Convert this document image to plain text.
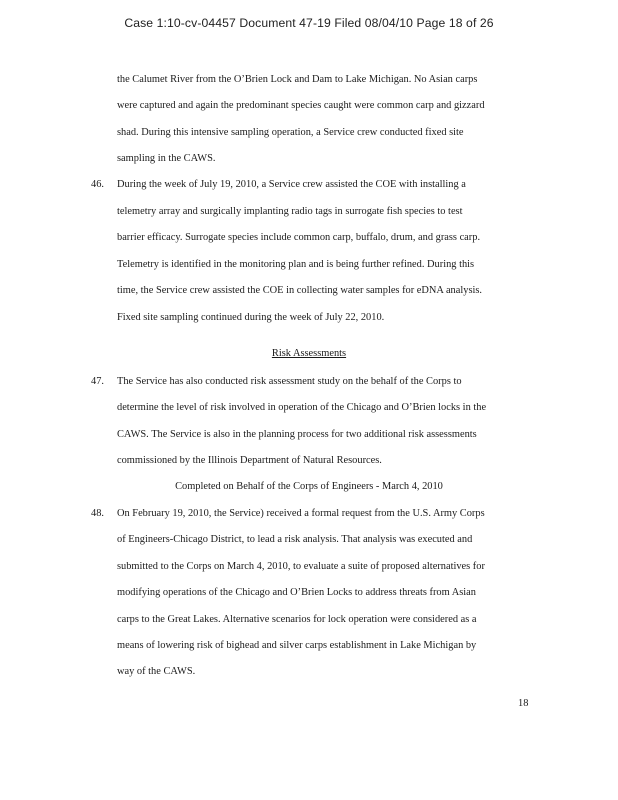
Case 1:10-cv-04457 Document 47-19 Filed 08/04/10 Page 18 of 26
the Calumet River from the O’Brien Lock and Dam to Lake Michigan. No Asian carps
were captured and again the predominant species caught were common carp and gizzard
shad. During this intensive sampling operation, a Service crew conducted fixed site
sampling in the CAWS.
46. During the week of July 19, 2010, a Service crew assisted the COE with installing a
telemetry array and surgically implanting radio tags in surrogate fish species to test
barrier efficacy. Surrogate species include common carp, buffalo, drum, and grass carp.
Telemetry is identified in the monitoring plan and is being further refined. During this
time, the Service crew assisted the COE in collecting water samples for eDNA analysis.
Fixed site sampling continued during the week of July 22, 2010.
Risk Assessments
47. The Service has also conducted risk assessment study on the behalf of the Corps to
determine the level of risk involved in operation of the Chicago and O’Brien locks in the
CAWS. The Service is also in the planning process for two additional risk assessments
commissioned by the Illinois Department of Natural Resources.
Completed on Behalf of the Corps of Engineers - March 4, 2010
48. On February 19, 2010, the Service) received a formal request from the U.S. Army Corps
of Engineers-Chicago District, to lead a risk analysis. That analysis was executed and
submitted to the Corps on March 4, 2010, to evaluate a suite of proposed alternatives for
modifying operations of the Chicago and O’Brien Locks to address threats from Asian
carps to the Great Lakes. Alternative scenarios for lock operation were considered as a
means of lowering risk of bighead and silver carps establishment in Lake Michigan by
way of the CAWS.
18
